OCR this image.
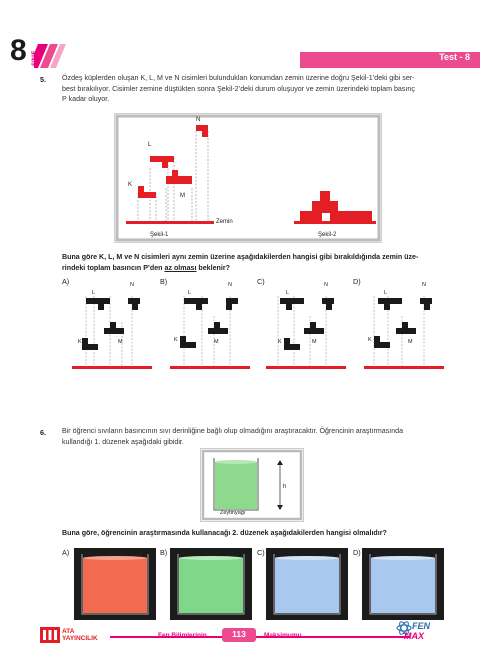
8 SINIF	Test - 8
5. Özdeş küplerden oluşan K, L, M ve N cisimleri bulundukları konumdan zemin üzerine doğru Şekil-1’deki gibi ser-
best bırakılıyor. Cisimler zemine düştükten sonra Şekil-2’deki durum oluşuyor ve zemin üzerindeki toplam basınç
P kadar oluyor.
K
L
M
N
Zemin
Şekil-1	Şekil-2
Buna göre K, L, M ve N cisimleri aynı zemin üzerine aşağıdakilerden hangisi gibi bırakıldığında zemin üze-
rindeki toplam basıncın P’den az olması beklenir?
A)	B)	C)	D)
L
N
K	M
L
N
K	M
L
N
K	M
L
N
K	M
6. Bir öğrenci sıvıların basıncının sıvı derinliğine bağlı olup olmadığını araştıracaktır. Öğrencinin araştırmasında
kullandığı 1. düzenek aşağıdaki gibidir.
h
Zeytinyağı
Buna göre, öğrencinin araştırmasında kullanacağı 2. düzenek aşağıdakilerden hangisi olmalıdır?
A)	B)	C)	D)
ATA
YAYINCILIK	Fen Bilimlerinin	113	Maksimumu
FEN
MAX
